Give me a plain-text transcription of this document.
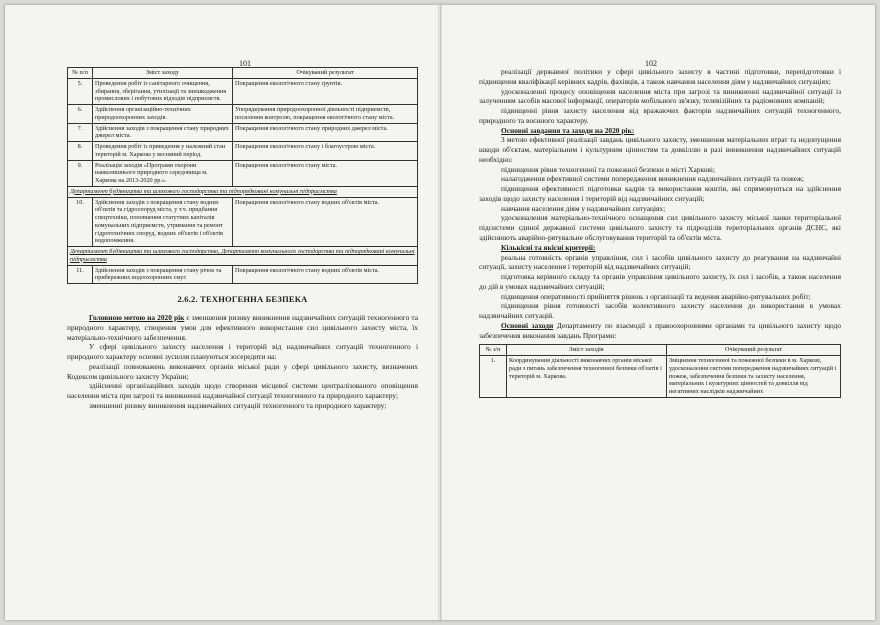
101
№ п/п	Зміст заходу	Очікуваний результат
5.	Проведення робіт із санітарного очищення, збирання, зберігання, утилізації та знешкодження промислових і побутових відходів підприємств.	Покращення екологічного стану ґрунтів.
6.	Здійснення організаційно-технічних природоохоронних заходів.	Упорядкування природоохоронної діяльності підприємств, посилення контролю, покращення екологічного стану міста.
7.	Здійснення заходів з покращення стану природних джерел міста.	Покращення екологічного стану природних джерел міста.
8.	Проведення робіт із приведення у належний стан територій м. Харкова у весняний період.	Покращення екологічного стану і благоустрою міста.
9.	Реалізація заходів «Програми охорони навколишнього природного середовища м. Харкова на 2013-2020 рр.».	Покращення екологічного стану міста.
Департамент будівництва та шляхового господарства та підпорядковані комунальні підприємства		
10.	Здійснення заходів з покращення стану водних об'єктів та гідроспоруд міста, у т.ч. придбання спецтехніки, поповнення статутних капіталів комунальних підприємств, утримання та ремонт гідротехнічних споруд, водних об'єктів і об'єктів водопонження.	Покращення екологічного стану водних об'єктів міста.
Департамент будівництва та шляхового господарства, Департамент комунального господарства та підпорядковані комунальні підприємства		
11.	Здійснення заходів з покращення стану річок та прибережних водоохоронних смуг.	Покращення екологічного стану водних об'єктів міста.
2.6.2. ТЕХНОГЕННА БЕЗПЕКА

Головною метою на 2020 рік є зменшення ризику виникнення надзвичайних ситуацій техногенного та природного характеру, створення умов для ефективного використання сил цивільного захисту міста, їх матеріально-технічного забезпечення.

У сфері цивільного захисту населення і територій від надзвичайних ситуацій техногенного і природного характеру основні зусилля плануються зосередити на:

реалізації повноважень виконавчих органів міської ради у сфері цивільного захисту, визначених Кодексом цивільного захисту України;

здійсненні організаційних заходів щодо створення місцевої системи централізованого оповіщення населення міста при загрозі та виникненні надзвичайної ситуації техногенного та природного характеру;

зменшенні ризику виникнення надзвичайних ситуацій техногенного та природного характеру;

102

реалізації державної політики у сфері цивільного захисту в частині підготовки, перепідготовки і підвищення кваліфікації керівних кадрів, фахівців, а також навчання населення діям у надзвичайних ситуаціях;

удосконаленні процесу оповіщення населення міста при загрозі та виникненні надзвичайної ситуації із залученням засобів масової інформації, операторів мобільного зв'язку, телевізійних та радіомовних компаній;

підвищенні рівня захисту населення від вражаючих факторів надзвичайних ситуацій техногенного, природного та воєнного характеру.

Основні завдання та заходи на 2020 рік:

З метою ефективної реалізації завдань цивільного захисту, зменшення матеріальних втрат та недопущення шкоди об'єктам, матеріальним і культурним цінностям та довкіллю в разі виникнення надзвичайних ситуацій необхідно:

підвищення рівня техногенної та пожежної безпеки в місті Харкові;

налагодження ефективної системи попередження виникнення надзвичайних ситуацій та пожеж;

підвищення ефективності підготовки кадрів та використання коштів, які спрямовуються на здійснення заходів щодо захисту населення і територій від надзвичайних ситуацій;

навчання населення діям у надзвичайних ситуаціях;

удосконалення матеріально-технічного оснащення сил цивільного захисту міської ланки територіальної підсистеми єдиної державної системи цивільного захисту та підрозділів територіальних органів ДСНС, які здійснюють аварійно-рятувальне обслуговування територій та об'єктів міста.

Кількісні та якісні критерії:

реальна готовність органів управління, сил і засобів цивільного захисту до реагування на надзвичайні ситуації, захисту населення і територій від надзвичайних ситуацій;

підготовка керівного складу та органів управління цивільного захисту, їх сил і засобів, а також населення до дій в умовах надзвичайних ситуацій;

підвищення оперативності прийняття рішень з організації та ведення аварійно-рятувальних робіт;

підвищення рівня готовності засобів колективного захисту населення до використання в умовах надзвичайних ситуацій.

Основні заходи Департаменту по взаємодії з правоохоронними органами та цивільного захисту щодо забезпечення виконання завдань Програми:

№ з/п	Зміст заходів	Очікуваний результат
1.	Координування діяльності виконавчих органів міської ради з питань забезпечення техногенної безпеки об'єктів і територій м. Харкова.	Зміцнення техногенної та пожежної безпеки в м. Харкові, удосконалення системи попередження надзвичайних ситуацій і пожеж, забезпечення безпеки та захисту населення, матеріальних і культурних цінностей та довкілля від негативних наслідків надзвичайних
